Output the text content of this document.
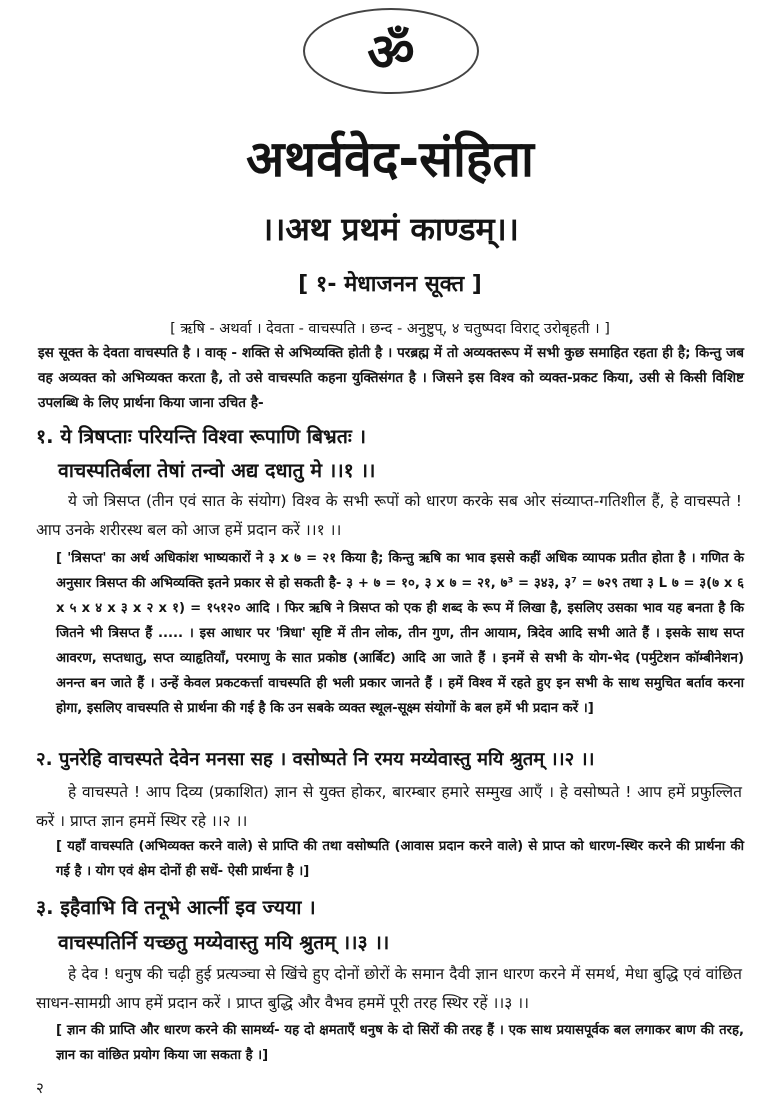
ॐ
अथर्ववेद-संहिता
।।अथ प्रथमं काण्डम्।।
[ १- मेधाजनन सूक्त ]
[ ऋषि - अथर्वा । देवता - वाचस्पति । छन्द - अनुष्टुप्, ४ चतुष्पदा विराट् उरोबृहती । ]
इस सूक्त के देवता वाचस्पति है । वाक् - शक्ति से अभिव्यक्ति होती है । परब्रह्म में तो अव्यक्तरूप में सभी कुछ समाहित रहता ही है; किन्तु जब वह अव्यक्त को अभिव्यक्त करता है, तो उसे वाचस्पति कहना युक्तिसंगत है । जिसने इस विश्व को व्यक्त-प्रकट किया, उसी से किसी विशिष्ट उपलब्धि के लिए प्रार्थना किया जाना उचित है-
१. ये त्रिषप्ताः परियन्ति विश्वा रूपाणि बिभ्रतः ।
वाचस्पतिर्बला तेषां तन्वो अद्य दधातु मे ।।१ ।।
ये जो त्रिसप्त (तीन एवं सात के संयोग) विश्व के सभी रूपों को धारण करके सब ओर संव्याप्त-गतिशील हैं, हे वाचस्पते ! आप उनके शरीरस्थ बल को आज हमें प्रदान करें ।।१ ।।
[ 'त्रिसप्त' का अर्थ अधिकांश भाष्यकारों ने ३ x ७ = २१ किया है; किन्तु ऋषि का भाव इससे कहीं अधिक व्यापक प्रतीत होता है । गणित के अनुसार त्रिसप्त की अभिव्यक्ति इतने प्रकार से हो सकती है- ३ + ७ = १०, ३ x ७ = २१, ७³ = ३४३, ३⁷ = ७२९ तथा ३ L ७ = ३(७ x ६ x ५ x ४ x ३ x २ x १) = १५१२० आदि । फिर ऋषि ने त्रिसप्त को एक ही शब्द के रूप में लिखा है, इसलिए उसका भाव यह बनता है कि जितने भी त्रिसप्त हैं ..... । इस आधार पर 'त्रिधा' सृष्टि में तीन लोक, तीन गुण, तीन आयाम, त्रिदेव आदि सभी आते हैं । इसके साथ सप्त आवरण, सप्तधातु, सप्त व्याहृतियाँ, परमाणु के सात प्रकोष्ठ (आर्बिट) आदि आ जाते हैं । इनमें से सभी के योग-भेद (पर्मुटेशन कॉम्बीनेशन) अनन्त बन जाते हैं । उन्हें केवल प्रकटकर्त्ता वाचस्पति ही भली प्रकार जानते हैं । हमें विश्व में रहते हुए इन सभी के साथ समुचित बर्ताव करना होगा, इसलिए वाचस्पति से प्रार्थना की गई है कि उन सबके व्यक्त स्थूल-सूक्ष्म संयोगों के बल हमें भी प्रदान करें ।]
२. पुनरेहि वाचस्पते देवेन मनसा सह । वसोष्पते नि रमय मय्येवास्तु मयि श्रुतम् ।।२ ।।
हे वाचस्पते ! आप दिव्य (प्रकाशित) ज्ञान से युक्त होकर, बारम्बार हमारे सम्मुख आएँ । हे वसोष्पते ! आप हमें प्रफुल्लित करें । प्राप्त ज्ञान हममें स्थिर रहे ।।२ ।।
[ यहाँ वाचस्पति (अभिव्यक्त करने वाले) से प्राप्ति की तथा वसोष्पति (आवास प्रदान करने वाले) से प्राप्त को धारण-स्थिर करने की प्रार्थना की गई है । योग एवं क्षेम दोनों ही सधें- ऐसी प्रार्थना है ।]
३. इहैवाभि वि तनूभे आर्त्नी इव ज्यया ।
वाचस्पतिर्नि यच्छतु मय्येवास्तु मयि श्रुतम् ।।३ ।।
हे देव ! धनुष की चढ़ी हुई प्रत्यञ्चा से खिंचे हुए दोनों छोरों के समान दैवी ज्ञान धारण करने में समर्थ, मेधा बुद्धि एवं वांछित साधन-सामग्री आप हमें प्रदान करें । प्राप्त बुद्धि और वैभव हममें पूरी तरह स्थिर रहें ।।३ ।।
[ ज्ञान की प्राप्ति और धारण करने की सामर्थ्य- यह दो क्षमताएँ धनुष के दो सिरों की तरह हैं । एक साथ प्रयासपूर्वक बल लगाकर बाण की तरह, ज्ञान का वांछित प्रयोग किया जा सकता है ।]
२
